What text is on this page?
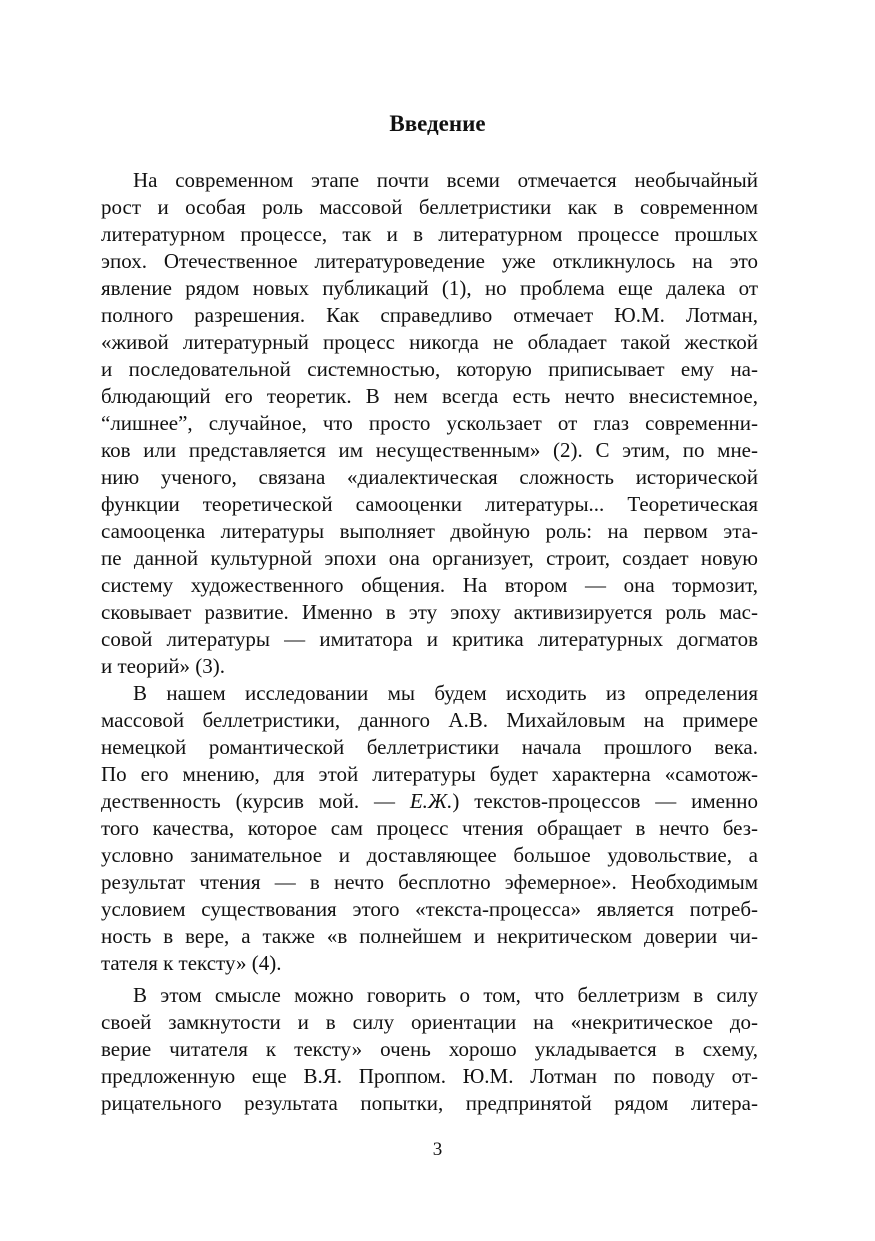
Введение

На современном этапе почти всеми отмечается необычайный
рост и особая роль массовой беллетристики как в современном
литературном процессе, так и в литературном процессе прошлых
эпох. Отечественное литературоведение уже откликнулось на это
явление рядом новых публикаций (1), но проблема еще далека от
полного разрешения. Как справедливо отмечает Ю.М. Лотман,
«живой литературный процесс никогда не обладает такой жесткой
и последовательной системностью, которую приписывает ему на-
блюдающий его теоретик. В нем всегда есть нечто внесистемное,
“лишнее”, случайное, что просто ускользает от глаз современни-
ков или представляется им несущественным» (2). С этим, по мне-
нию ученого, связана «диалектическая сложность исторической
функции теоретической самооценки литературы... Теоретическая
самооценка литературы выполняет двойную роль: на первом эта-
пе данной культурной эпохи она организует, строит, создает новую
систему художественного общения. На втором — она тормозит,
сковывает развитие. Именно в эту эпоху активизируется роль мас-
совой литературы — имитатора и критика литературных догматов
и теорий» (3).

В нашем исследовании мы будем исходить из определения
массовой беллетристики, данного А.В. Михайловым на примере
немецкой романтической беллетристики начала прошлого века.
По его мнению, для этой литературы будет характерна «самотож-
дественность (курсив мой. — Е.Ж.) текстов-процессов — именно
того качества, которое сам процесс чтения обращает в нечто без-
условно занимательное и доставляющее большое удовольствие, а
результат чтения — в нечто бесплотно эфемерное». Необходимым
условием существования этого «текста-процесса» является потреб-
ность в вере, а также «в полнейшем и некритическом доверии чи-
тателя к тексту» (4).

В этом смысле можно говорить о том, что беллетризм в силу
своей замкнутости и в силу ориентации на «некритическое до-
верие читателя к тексту» очень хорошо укладывается в схему,
предложенную еще В.Я. Проппом. Ю.М. Лотман по поводу от-
рицательного результата попытки, предпринятой рядом литера-

3
